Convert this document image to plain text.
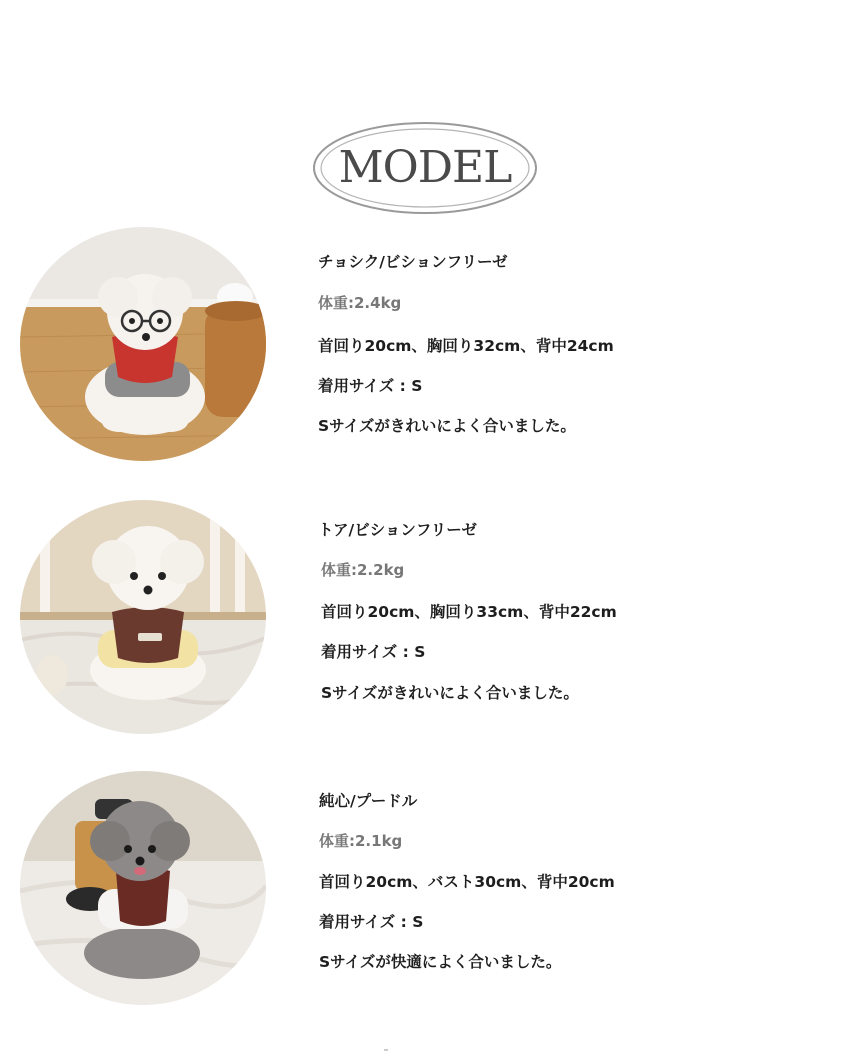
MODEL
チョシク/ビションフリーゼ
体重:2.4kg
首回り20cm、胸回り32cm、背中24cm
着用サイズ : S
Sサイズがきれいによく合いました。
トア/ビションフリーゼ
体重:2.2kg
首回り20cm、胸回り33cm、背中22cm
着用サイズ : S
Sサイズがきれいによく合いました。
純心/プードル
体重:2.1kg
首回り20cm、バスト30cm、背中20cm
着用サイズ : S
Sサイズが快適によく合いました。
